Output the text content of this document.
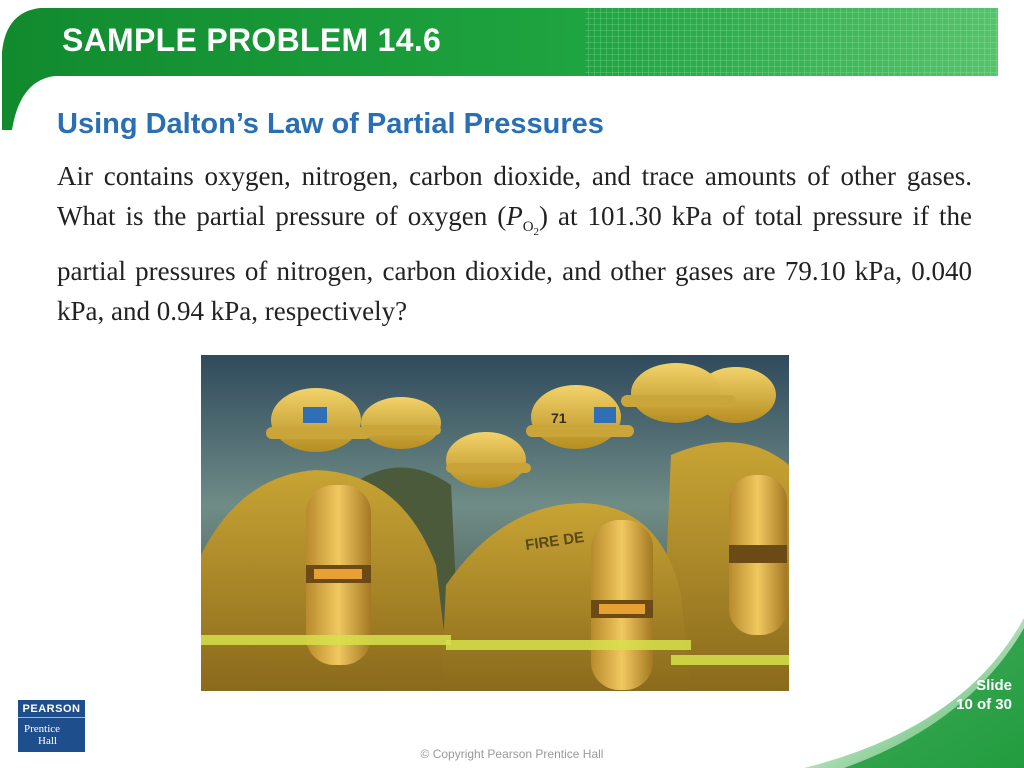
SAMPLE PROBLEM 14.6
Using Dalton’s Law of Partial Pressures
Air contains oxygen, nitrogen, carbon dioxide, and trace amounts of other gases. What is the partial pressure of oxygen $(P_{O_2})$ at 101.30 kPa of total pressure if the partial pressures of nitrogen, carbon dioxide, and other gases are 79.10 kPa, 0.040 kPa, and 0.94 kPa, respectively?
71
FIRE DE
Slide
10 of 30
PEARSON
Prentice
Hall
© Copyright Pearson Prentice Hall
